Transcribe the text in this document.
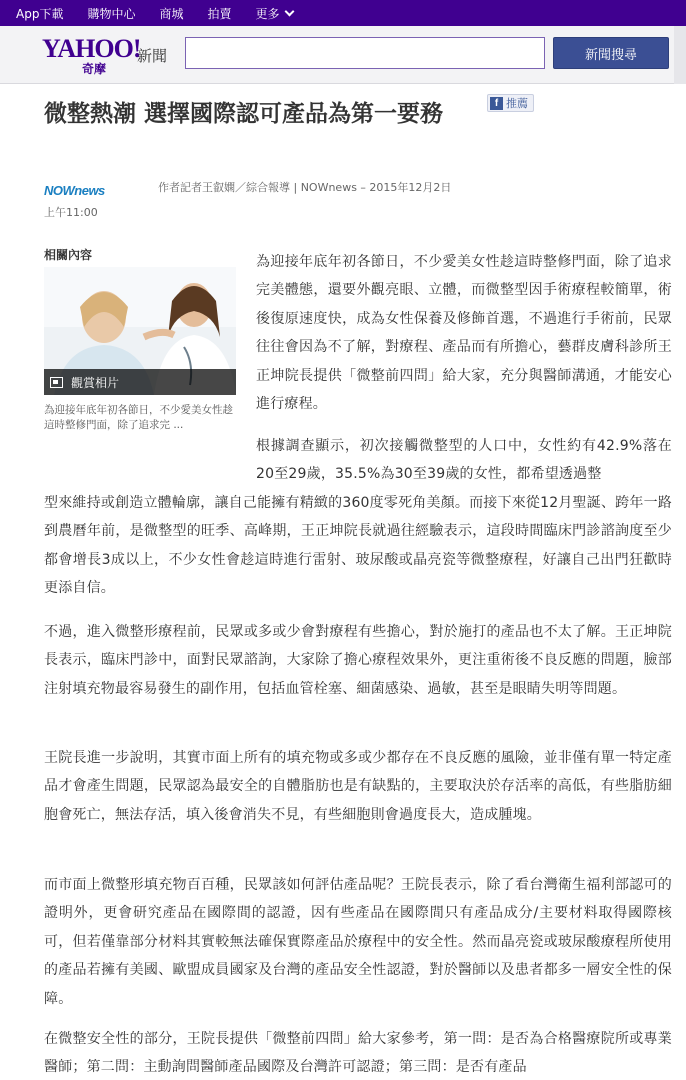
App下載 購物中心 商城 拍賣 更多
YAHOO!
奇摩
新聞	新聞搜尋
微整熱潮 選擇國際認可產品為第一要務	f 推薦
NOWnews	作者記者王叡嫻／綜合報導 | NOWnews – 2015年12月2日
上午11:00
相關內容
觀賞相片
為迎接年底年初各節日，不少愛美女性趁這時整修門面，除了追求完 ...

為迎接年底年初各節日，不少愛美女性趁這時整修門面，除了追求完美體態，還要外觀亮眼、立體，而微整型因手術療程較簡單，術後復原速度快，成為女性保養及修飾首選，不過進行手術前，民眾往往會因為不了解，對療程、產品而有所擔心，藝群皮膚科診所王正坤院長提供「微整前四問」給大家，充分與醫師溝通，才能安心進行療程。

根據調查顯示，初次接觸微整型的人口中，女性約有42.9%落在20至29歲，35.5%為30至39歲的女性，都希望透過整

型來維持或創造立體輪廓，讓自己能擁有精緻的360度零死角美顏。而接下來從12月聖誕、跨年一路到農曆年前，是微整型的旺季、高峰期，王正坤院長就過往經驗表示，這段時間臨床門診諮詢度至少都會增長3成以上，不少女性會趁這時進行雷射、玻尿酸或晶亮瓷等微整療程，好讓自己出門狂歡時更添自信。

不過，進入微整形療程前，民眾或多或少會對療程有些擔心，對於施打的產品也不太了解。王正坤院長表示，臨床門診中，面對民眾諮詢，大家除了擔心療程效果外，更注重術後不良反應的問題，臉部注射填充物最容易發生的副作用，包括血管栓塞、細菌感染、過敏，甚至是眼睛失明等問題。

王院長進一步說明，其實市面上所有的填充物或多或少都存在不良反應的風險，並非僅有單一特定產品才會產生問題，民眾認為最安全的自體脂肪也是有缺點的，主要取決於存活率的高低，有些脂肪細胞會死亡，無法存活，填入後會消失不見，有些細胞則會過度長大，造成腫塊。

而市面上微整形填充物百百種，民眾該如何評估產品呢？王院長表示，除了看台灣衛生福利部認可的證明外，更會研究產品在國際間的認證，因有些產品在國際間只有產品成分/主要材料取得國際核可，但若僅靠部分材料其實較無法確保實際產品於療程中的安全性。然而晶亮瓷或玻尿酸療程所使用的產品若擁有美國、歐盟成員國家及台灣的產品安全性認證，對於醫師以及患者都多一層安全性的保障。

在微整安全性的部分，王院長提供「微整前四問」給大家參考，第一問：是否為合格醫療院所或專業醫師；第二問：主動詢問醫師產品國際及台灣許可認證；第三問：是否有產品
